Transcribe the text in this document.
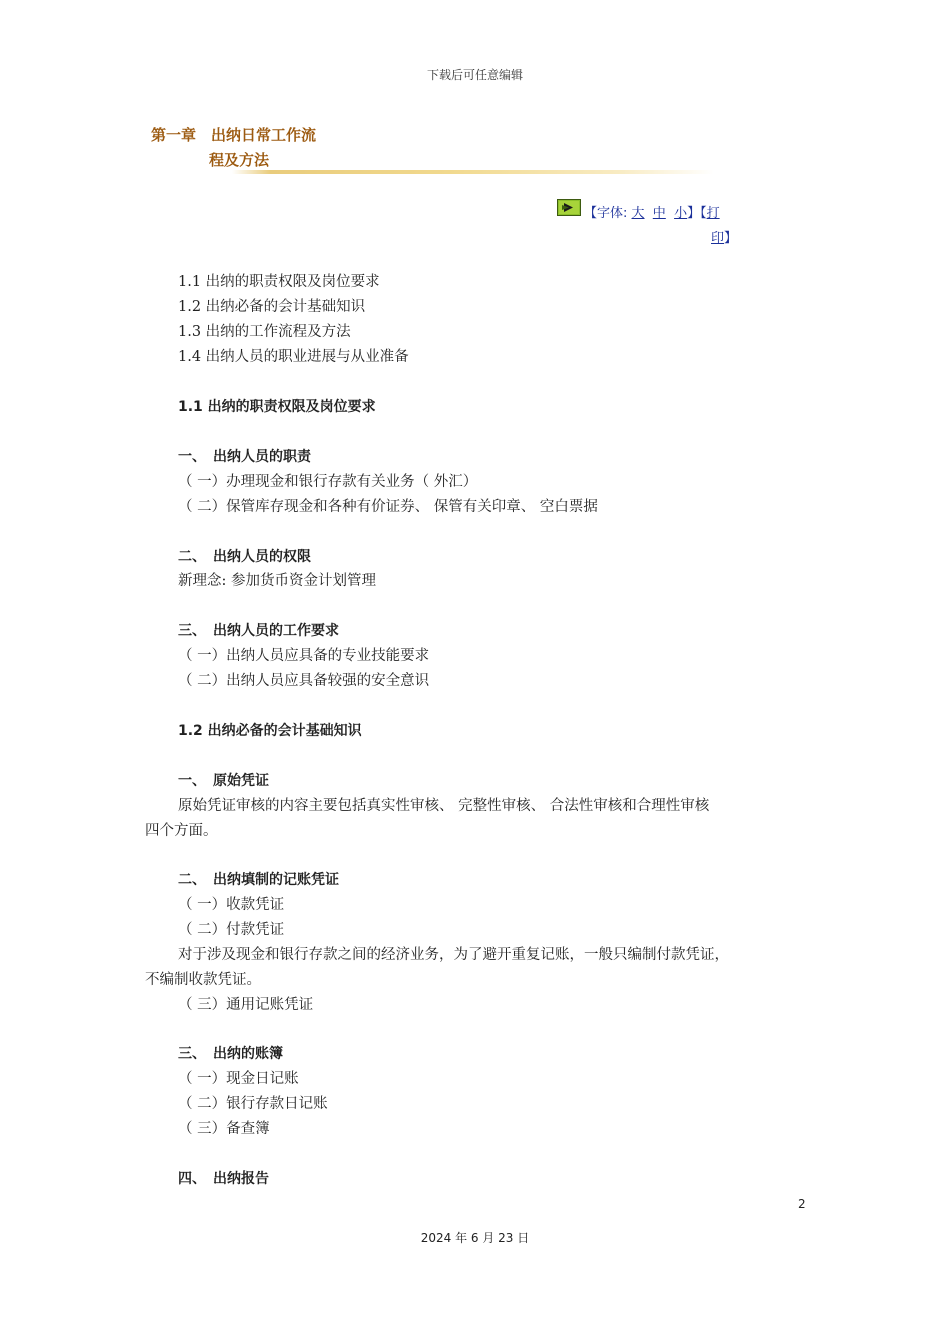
下载后可任意编辑
第一章　出纳日常工作流
程及方法
【字体: 大 中 小】【打
印】
1.1 出纳的职责权限及岗位要求
1.2 出纳必备的会计基础知识
1.3 出纳的工作流程及方法
1.4 出纳人员的职业进展与从业准备
1.1 出纳的职责权限及岗位要求
一、　出纳人员的职责
（ 一）办理现金和银行存款有关业务（ 外汇）
（ 二）保管库存现金和各种有价证券、 保管有关印章、 空白票据
二、　出纳人员的权限
新理念: 参加货币资金计划管理
三、　出纳人员的工作要求
（ 一）出纳人员应具备的专业技能要求
（ 二）出纳人员应具备较强的安全意识
1.2 出纳必备的会计基础知识
一、　原始凭证
原始凭证审核的内容主要包括真实性审核、 完整性审核、 合法性审核和合理性审核
四个方面。
二、　出纳填制的记账凭证
（ 一）收款凭证
（ 二）付款凭证
对于涉及现金和银行存款之间的经济业务，为了避开重复记账，一般只编制付款凭证，
不编制收款凭证。
（ 三）通用记账凭证
三、　出纳的账簿
（ 一）现金日记账
（ 二）银行存款日记账
（ 三）备查簿
四、　出纳报告
2
2024 年 6 月 23 日
